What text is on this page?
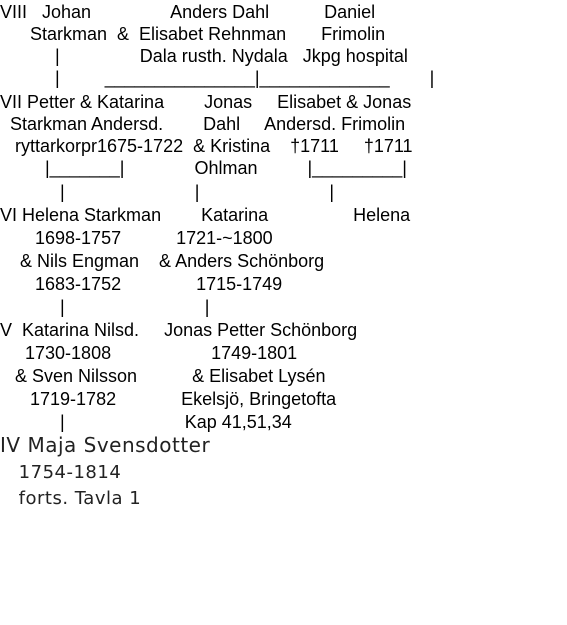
VIII   Johan                Anders Dahl           Daniel
Starkman  &  Elisabet Rehnman       Frimolin
|                Dala rusth. Nydala   Jkpg hospital
|         _______________|_____________        |
VII Petter & Katarina        Jonas     Elisabet & Jonas
Starkman Andersd.        Dahl     Andersd. Frimolin
ryttarkorpr1675-1722  & Kristina    †1711     †1711
|_______|              Ohlman          |_________|
|                          |                          |
VI Helena Starkman        Katarina                 Helena
1698-1757           1721-~1800
& Nils Engman    & Anders Schönborg
1683-1752               1715-1749
|                            |
V  Katarina Nilsd.     Jonas Petter Schönborg
1730-1808                    1749-1801
& Sven Nilsson           & Elisabet Lysén
1719-1782             Ekelsjö, Bringetofta
|                        Kap 41,51,34
IV Maja Svensdotter
1754-1814
forts. Tavla 1
